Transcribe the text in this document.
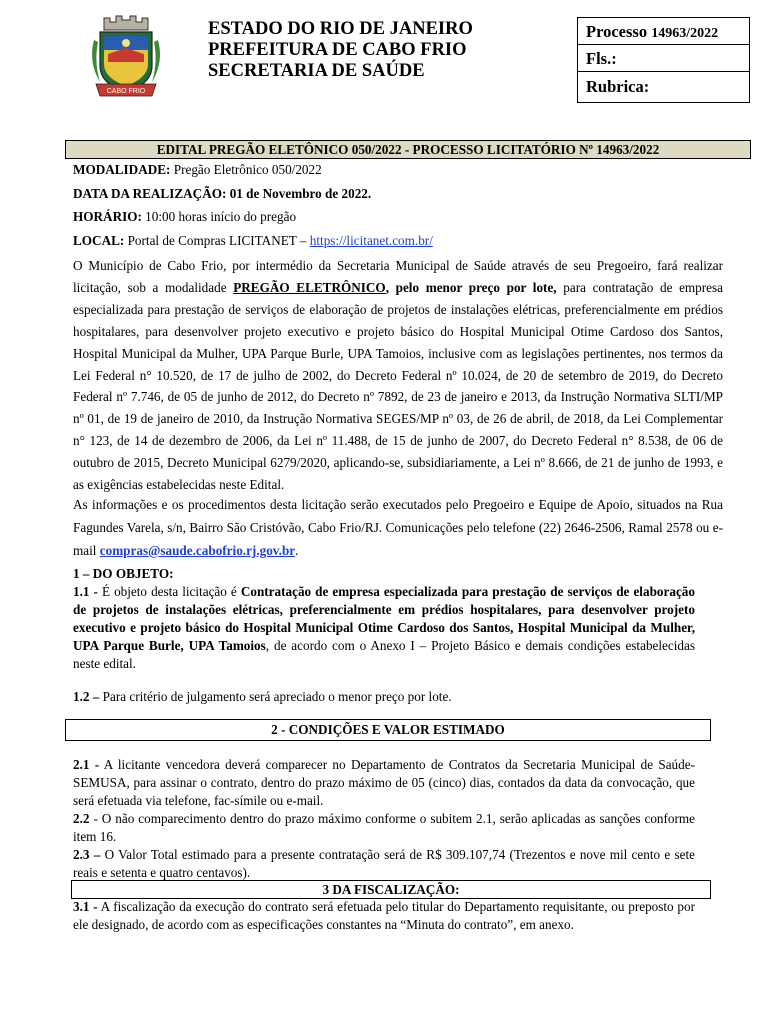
CABO FRIO
ESTADO DO RIO DE JANEIRO
PREFEITURA DE CABO FRIO
SECRETARIA DE SAÚDE
Processo 14963/2022
Fls.:
Rubrica:
EDITAL PREGÃO ELETÔNICO 050/2022 - PROCESSO LICITATÓRIO Nº 14963/2022
MODALIDADE: Pregão Eletrônico 050/2022
DATA DA REALIZAÇÃO: 01 de Novembro de 2022.
HORÁRIO: 10:00 horas início do pregão
LOCAL: Portal de Compras LICITANET – https://licitanet.com.br/
O Município de Cabo Frio, por intermédio da Secretaria Municipal de Saúde através de seu Pregoeiro, fará realizar licitação, sob a modalidade PREGÃO ELETRÔNICO, pelo menor preço por lote, para contratação de empresa especializada para prestação de serviços de elaboração de projetos de instalações elétricas, preferencialmente em prédios hospitalares, para desenvolver projeto executivo e projeto básico do Hospital Municipal Otime Cardoso dos Santos, Hospital Municipal da Mulher, UPA Parque Burle, UPA Tamoios, inclusive com as legislações pertinentes, nos termos da Lei Federal n° 10.520, de 17 de julho de 2002, do Decreto Federal nº 10.024, de 20 de setembro de 2019, do Decreto Federal nº 7.746, de 05 de junho de 2012, do Decreto nº 7892, de 23 de janeiro e 2013, da Instrução Normativa SLTI/MP nº 01, de 19 de janeiro de 2010, da Instrução Normativa SEGES/MP nº 03, de 26 de abril, de 2018, da Lei Complementar n° 123, de 14 de dezembro de 2006, da Lei nº 11.488, de 15 de junho de 2007, do Decreto Federal n° 8.538, de 06 de outubro de 2015, Decreto Municipal 6279/2020, aplicando-se, subsidiariamente, a Lei nº 8.666, de 21 de junho de 1993, e as exigências estabelecidas neste Edital.
As informações e os procedimentos desta licitação serão executados pelo Pregoeiro e Equipe de Apoio, situados na Rua Fagundes Varela, s/n, Bairro São Cristóvão, Cabo Frio/RJ. Comunicações pelo telefone (22) 2646-2506, Ramal 2578 ou e-mail compras@saude.cabofrio.rj.gov.br.
1 – DO OBJETO:
1.1 - É objeto desta licitação é Contratação de empresa especializada para prestação de serviços de elaboração de projetos de instalações elétricas, preferencialmente em prédios hospitalares, para desenvolver projeto executivo e projeto básico do Hospital Municipal Otime Cardoso dos Santos, Hospital Municipal da Mulher, UPA Parque Burle, UPA Tamoios, de acordo com o Anexo I – Projeto Básico e demais condições estabelecidas neste edital.
1.2 – Para critério de julgamento será apreciado o menor preço por lote.
2 - CONDIÇÕES E VALOR ESTIMADO
2.1 - A licitante vencedora deverá comparecer no Departamento de Contratos da Secretaria Municipal de Saúde-SEMUSA, para assinar o contrato, dentro do prazo máximo de 05 (cinco) dias, contados da data da convocação, que será efetuada via telefone, fac-símile ou e-mail.
2.2 - O não comparecimento dentro do prazo máximo conforme o subitem 2.1, serão aplicadas as sanções conforme item 16.
2.3 – O Valor Total estimado para a presente contratação será de R$ 309.107,74 (Trezentos e nove mil cento e sete reais e setenta e quatro centavos).
3 DA FISCALIZAÇÃO:
3.1 - A fiscalização da execução do contrato será efetuada pelo titular do Departamento requisitante, ou preposto por ele designado, de acordo com as especificações constantes na “Minuta do contrato”, em anexo.
